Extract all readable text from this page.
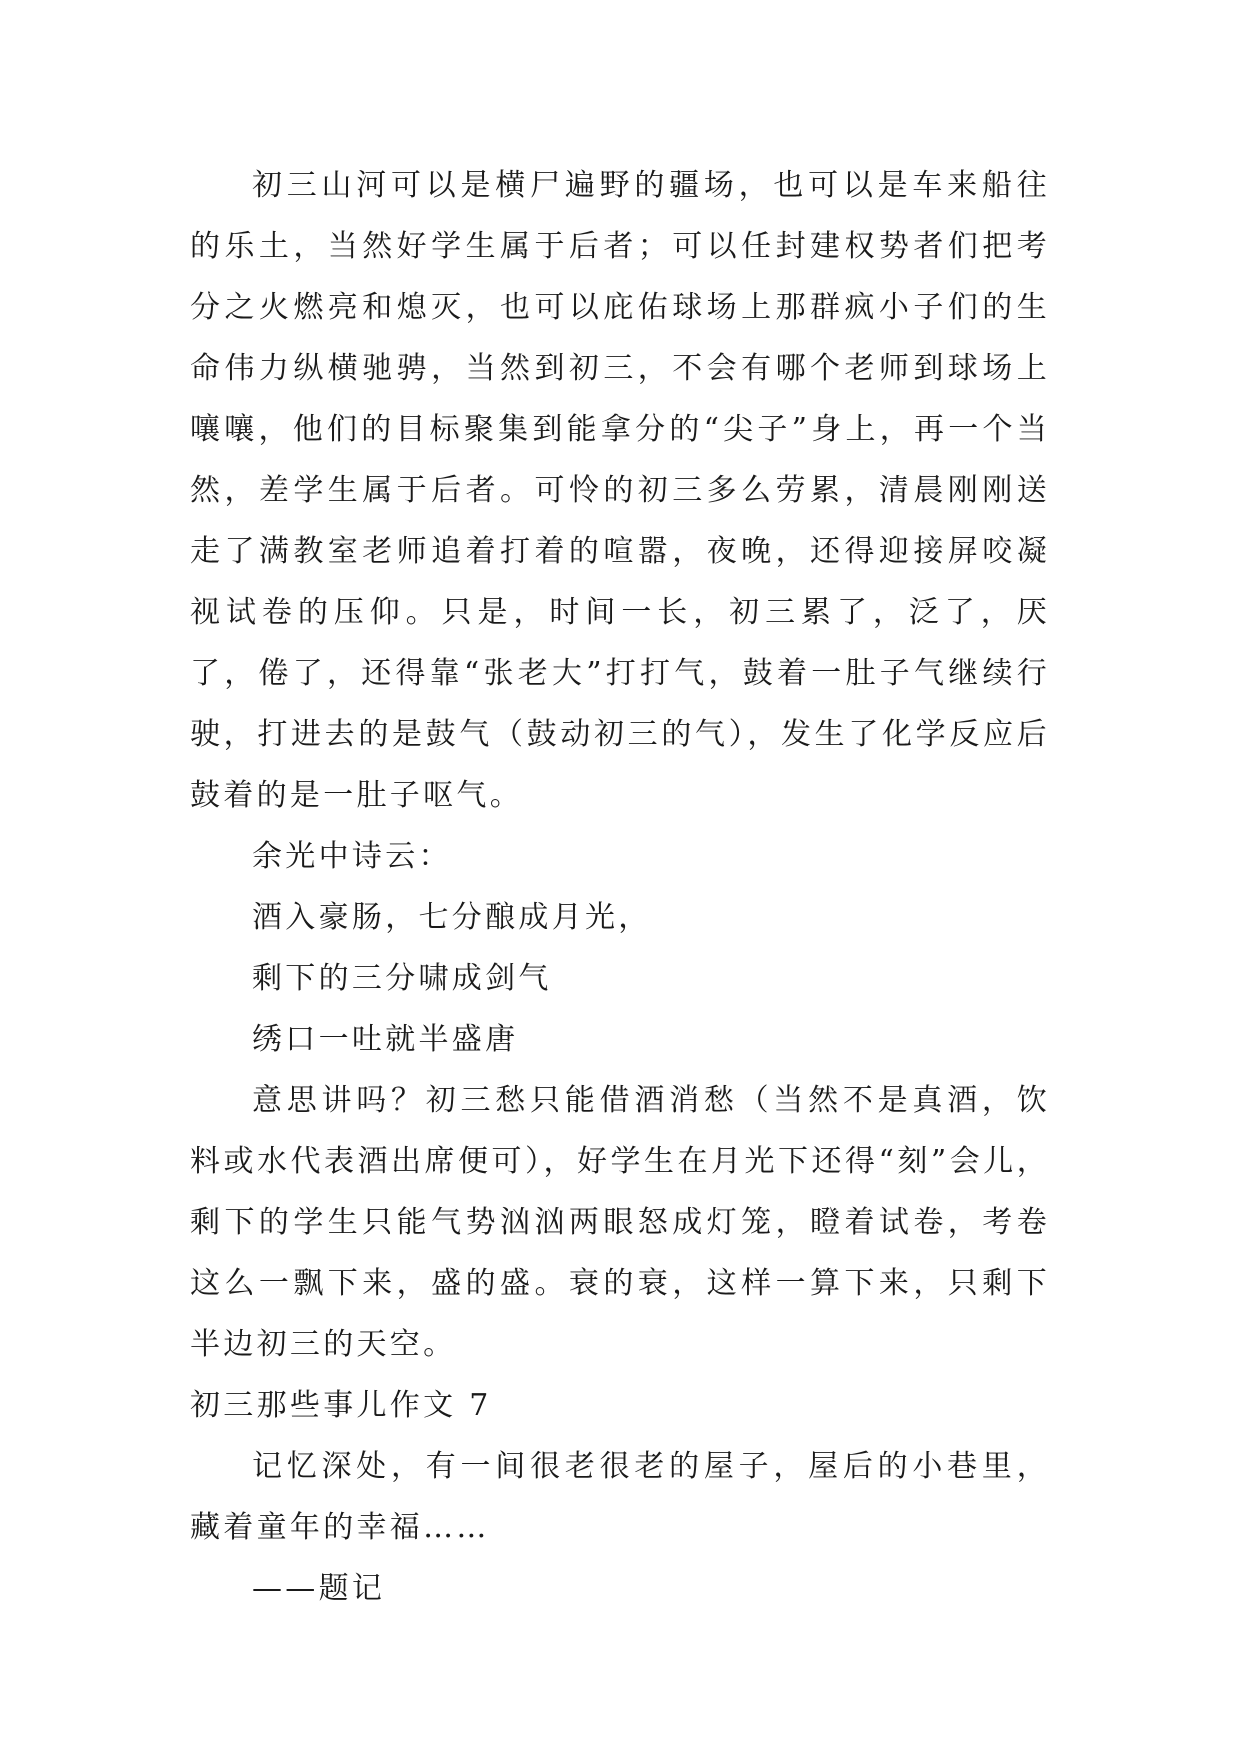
初三山河可以是横尸遍野的疆场，也可以是车来船往的乐土，当然好学生属于后者；可以任封建权势者们把考分之火燃亮和熄灭，也可以庇佑球场上那群疯小子们的生命伟力纵横驰骋，当然到初三，不会有哪个老师到球场上嚷嚷，他们的目标聚集到能拿分的“尖子”身上，再一个当然，差学生属于后者。可怜的初三多么劳累，清晨刚刚送走了满教室老师追着打着的喧嚣，夜晚，还得迎接屏咬凝视试卷的压仰。只是，时间一长，初三累了，泛了，厌了，倦了，还得靠“张老大”打打气，鼓着一肚子气继续行驶，打进去的是鼓气（鼓动初三的气），发生了化学反应后鼓着的是一肚子呕气。

余光中诗云：

酒入豪肠，七分酿成月光，

剩下的三分啸成剑气

绣口一吐就半盛唐

意思讲吗？初三愁只能借酒消愁（当然不是真酒，饮料或水代表酒出席便可），好学生在月光下还得“刻”会儿，剩下的学生只能气势汹汹两眼怒成灯笼，瞪着试卷，考卷这么一飘下来，盛的盛。衰的衰，这样一算下来，只剩下半边初三的天空。

初三那些事儿作文 7

记忆深处，有一间很老很老的屋子，屋后的小巷里，藏着童年的幸福……

——题记
